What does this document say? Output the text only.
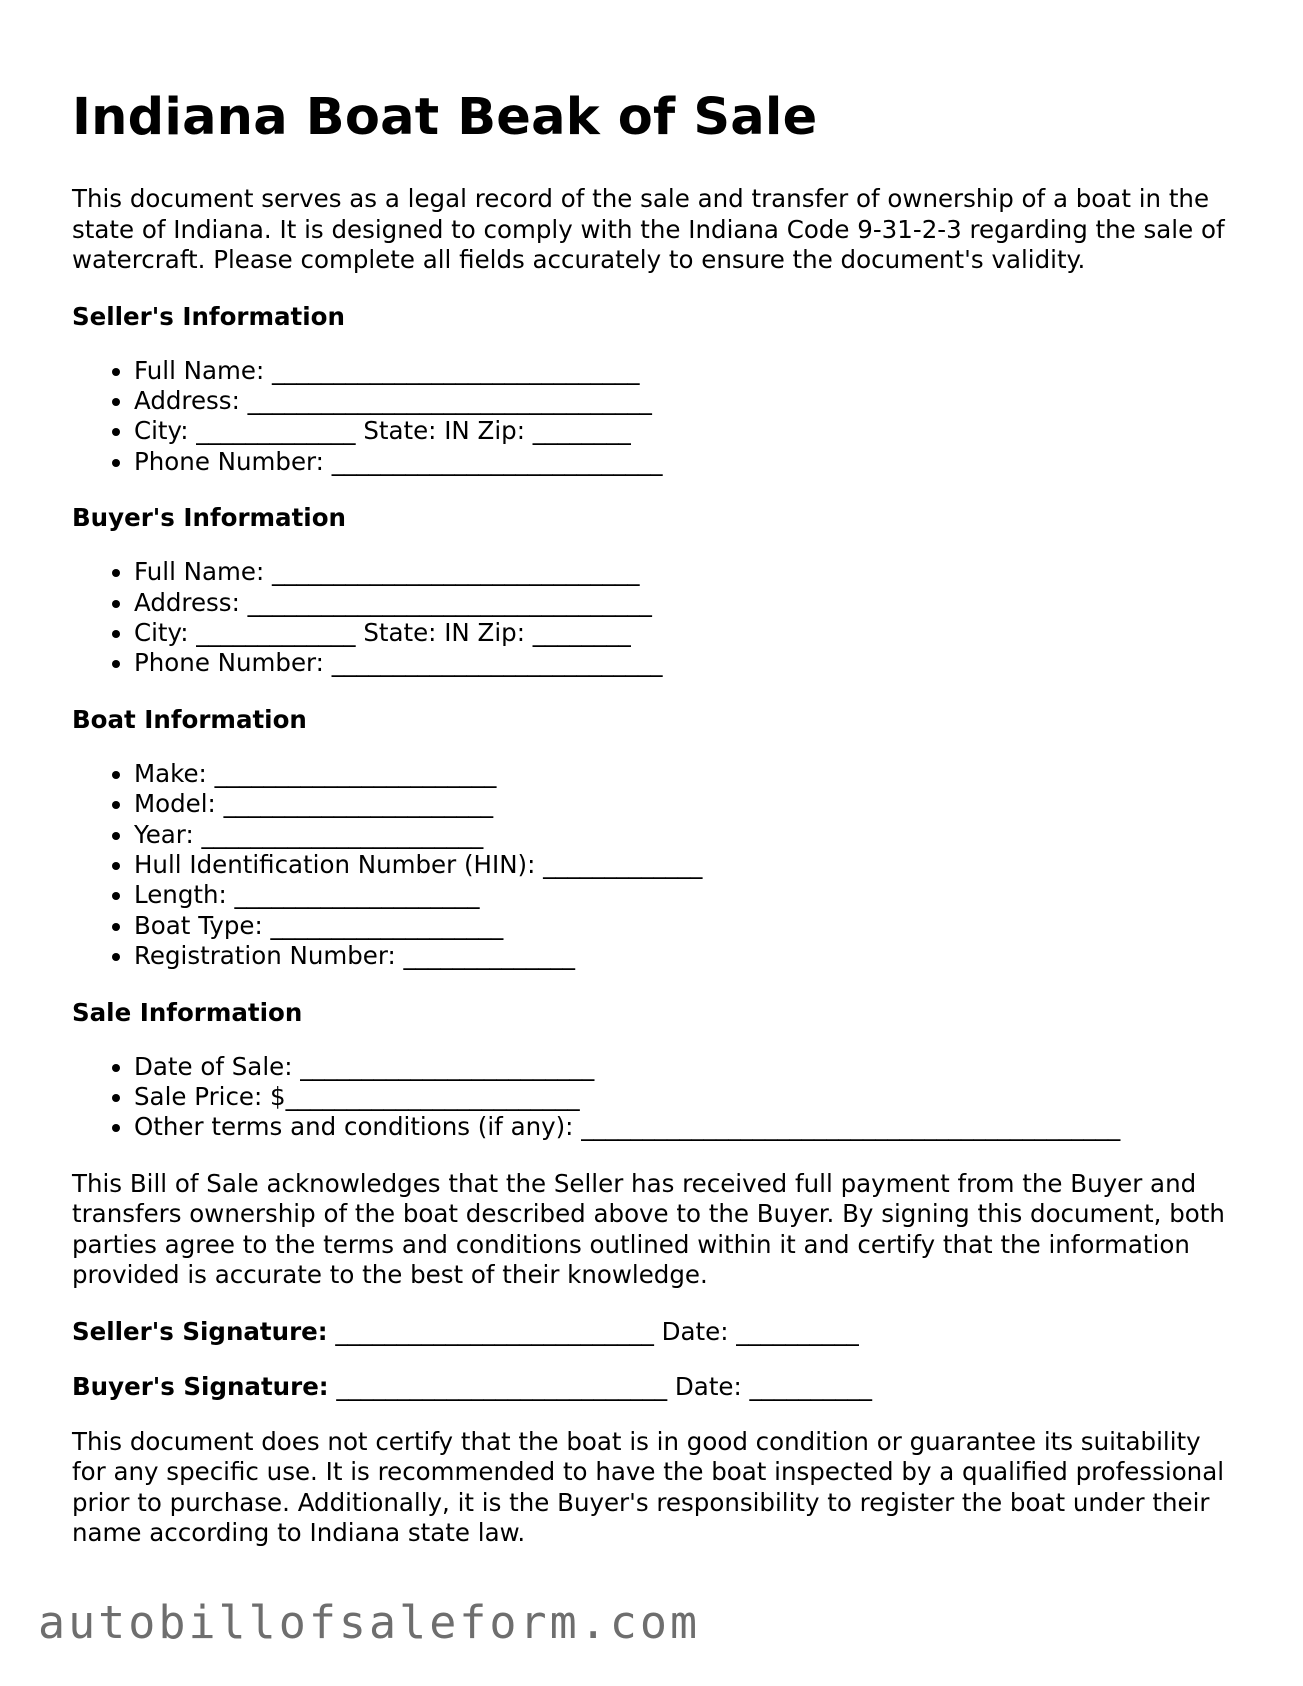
Indiana Boat Beak of Sale

This document serves as a legal record of the sale and transfer of ownership of a boat in the state of Indiana. It is designed to comply with the Indiana Code 9-31-2-3 regarding the sale of watercraft. Please complete all fields accurately to ensure the document's validity.

Seller's Information
• Full Name: ______________________________
• Address: _________________________________
• City: _____________ State: IN Zip: ________
• Phone Number: ___________________________
Buyer's Information
• Full Name: ______________________________
• Address: _________________________________
• City: _____________ State: IN Zip: ________
• Phone Number: ___________________________
Boat Information
• Make: _______________________
• Model: ______________________
• Year: _______________________
• Hull Identification Number (HIN): _____________
• Length: ____________________
• Boat Type: ___________________
• Registration Number: ______________
Sale Information
• Date of Sale: ________________________
• Sale Price: $________________________
• Other terms and conditions (if any): ____________________________________________

This Bill of Sale acknowledges that the Seller has received full payment from the Buyer and transfers ownership of the boat described above to the Buyer. By signing this document, both parties agree to the terms and conditions outlined within it and certify that the information provided is accurate to the best of their knowledge.

Seller's Signature: __________________________ Date: __________
Buyer's Signature: ___________________________ Date: __________

This document does not certify that the boat is in good condition or guarantee its suitability for any specific use. It is recommended to have the boat inspected by a qualified professional prior to purchase. Additionally, it is the Buyer's responsibility to register the boat under their name according to Indiana state law.

autobillofsaleform.com
